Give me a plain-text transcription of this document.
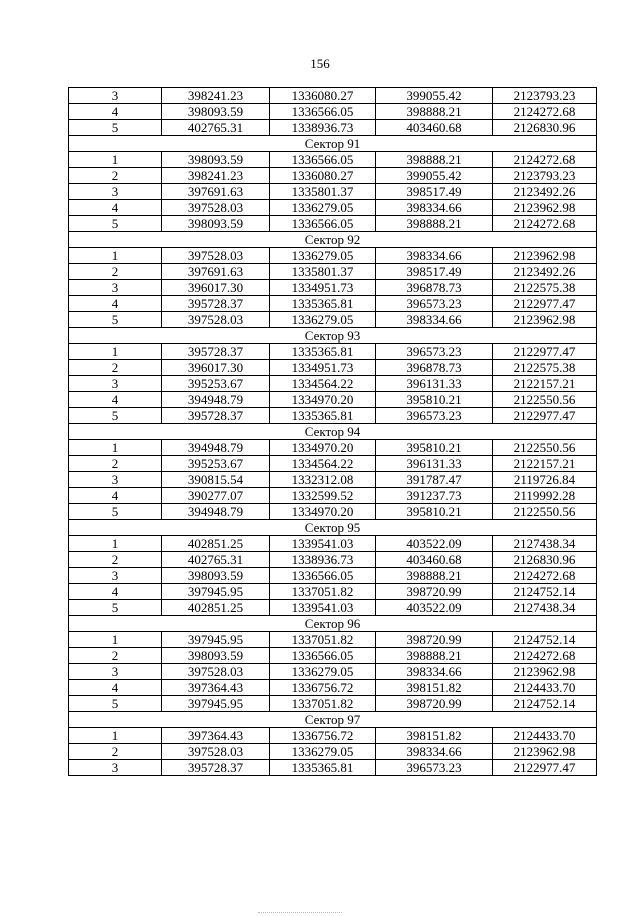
156
3	398241.23	1336080.27	399055.42	2123793.23
4	398093.59	1336566.05	398888.21	2124272.68
5	402765.31	1338936.73	403460.68	2126830.96
Сектор 91				
1	398093.59	1336566.05	398888.21	2124272.68
2	398241.23	1336080.27	399055.42	2123793.23
3	397691.63	1335801.37	398517.49	2123492.26
4	397528.03	1336279.05	398334.66	2123962.98
5	398093.59	1336566.05	398888.21	2124272.68
Сектор 92				
1	397528.03	1336279.05	398334.66	2123962.98
2	397691.63	1335801.37	398517.49	2123492.26
3	396017.30	1334951.73	396878.73	2122575.38
4	395728.37	1335365.81	396573.23	2122977.47
5	397528.03	1336279.05	398334.66	2123962.98
Сектор 93				
1	395728.37	1335365.81	396573.23	2122977.47
2	396017.30	1334951.73	396878.73	2122575.38
3	395253.67	1334564.22	396131.33	2122157.21
4	394948.79	1334970.20	395810.21	2122550.56
5	395728.37	1335365.81	396573.23	2122977.47
Сектор 94				
1	394948.79	1334970.20	395810.21	2122550.56
2	395253.67	1334564.22	396131.33	2122157.21
3	390815.54	1332312.08	391787.47	2119726.84
4	390277.07	1332599.52	391237.73	2119992.28
5	394948.79	1334970.20	395810.21	2122550.56
Сектор 95				
1	402851.25	1339541.03	403522.09	2127438.34
2	402765.31	1338936.73	403460.68	2126830.96
3	398093.59	1336566.05	398888.21	2124272.68
4	397945.95	1337051.82	398720.99	2124752.14
5	402851.25	1339541.03	403522.09	2127438.34
Сектор 96				
1	397945.95	1337051.82	398720.99	2124752.14
2	398093.59	1336566.05	398888.21	2124272.68
3	397528.03	1336279.05	398334.66	2123962.98
4	397364.43	1336756.72	398151.82	2124433.70
5	397945.95	1337051.82	398720.99	2124752.14
Сектор 97				
1	397364.43	1336756.72	398151.82	2124433.70
2	397528.03	1336279.05	398334.66	2123962.98
3	395728.37	1335365.81	396573.23	2122977.47
